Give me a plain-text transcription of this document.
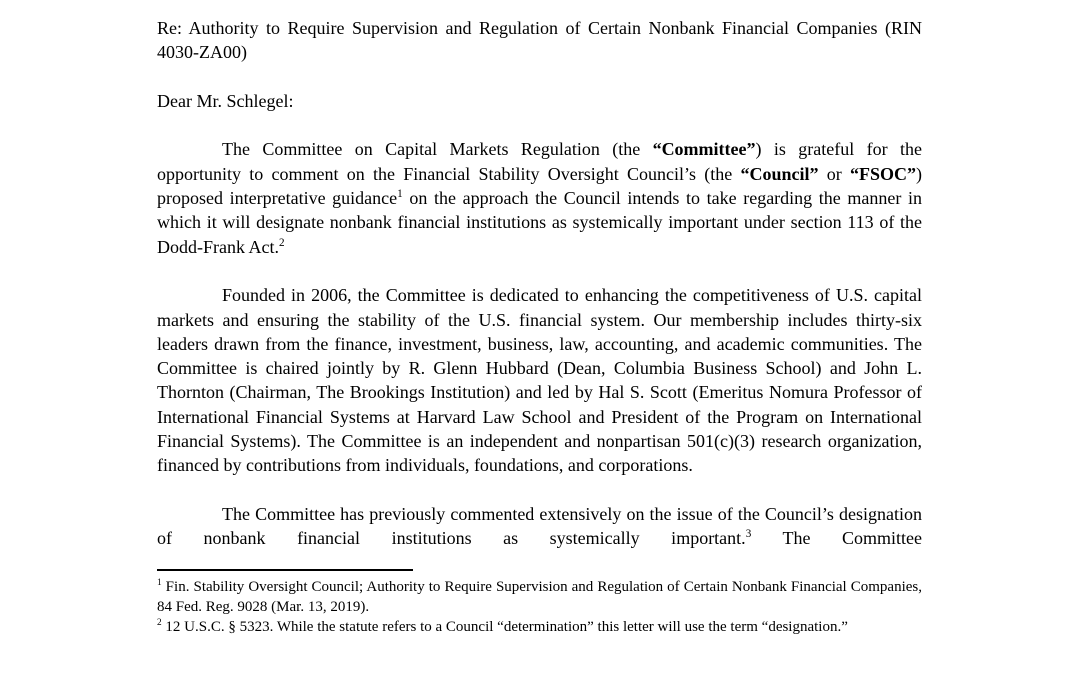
Re: Authority to Require Supervision and Regulation of Certain Nonbank Financial Companies (RIN 4030-ZA00)

Dear Mr. Schlegel:

The Committee on Capital Markets Regulation (the “Committee”) is grateful for the opportunity to comment on the Financial Stability Oversight Council’s (the “Council” or “FSOC”) proposed interpretative guidance$^1$ on the approach the Council intends to take regarding the manner in which it will designate nonbank financial institutions as systemically important under section 113 of the Dodd-Frank Act.$^2$

Founded in 2006, the Committee is dedicated to enhancing the competitiveness of U.S. capital markets and ensuring the stability of the U.S. financial system. Our membership includes thirty-six leaders drawn from the finance, investment, business, law, accounting, and academic communities. The Committee is chaired jointly by R. Glenn Hubbard (Dean, Columbia Business School) and John L. Thornton (Chairman, The Brookings Institution) and led by Hal S. Scott (Emeritus Nomura Professor of International Financial Systems at Harvard Law School and President of the Program on International Financial Systems). The Committee is an independent and nonpartisan 501(c)(3) research organization, financed by contributions from individuals, foundations, and corporations.

The Committee has previously commented extensively on the issue of the Council’s designation of nonbank financial institutions as systemically important.$^3$ The Committee

$^1$ Fin. Stability Oversight Council; Authority to Require Supervision and Regulation of Certain Nonbank Financial Companies, 84 Fed. Reg. 9028 (Mar. 13, 2019).

$^2$ 12 U.S.C. § 5323. While the statute refers to a Council “determination” this letter will use the term “designation.”
